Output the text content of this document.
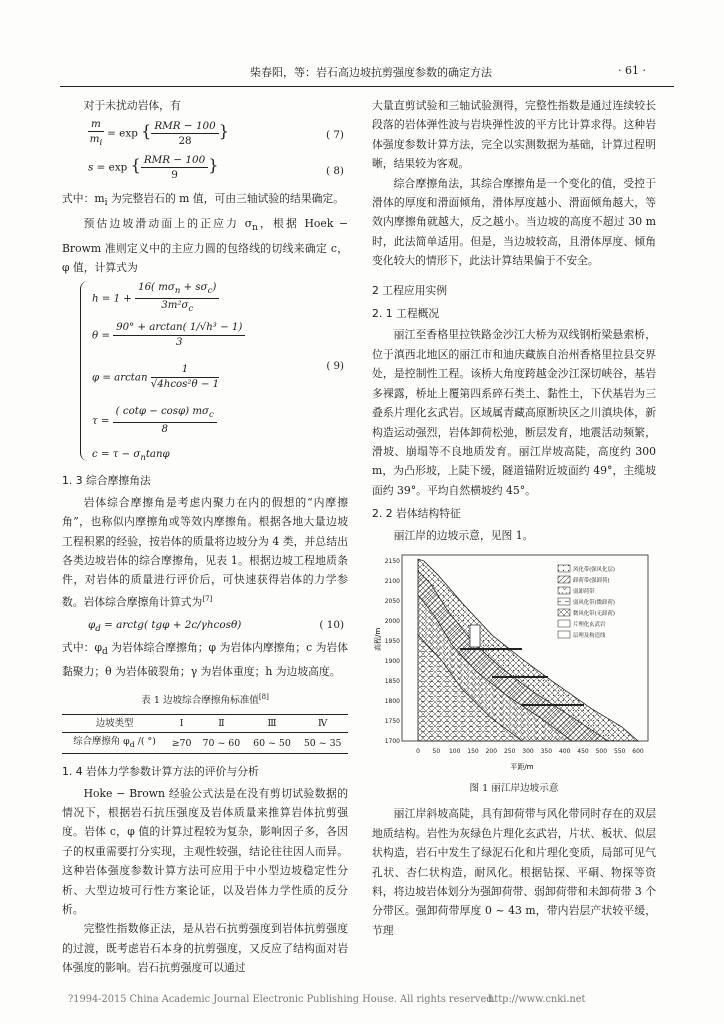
柴春阳，等：岩石高边坡抗剪强度参数的确定方法	· 61 ·

对于未扰动岩体，有

$\frac{m}{m_i} = \exp$ { $\frac{\text{RMR − 100}}{28}$ }	( 7)
s = exp { $\frac{\text{RMR − 100}}{9}$ }	( 8)

式中：$m_i$ 为完整岩石的 m 值，可由三轴试验的结果确定。

预估边坡滑动面上的正应力 $\sigma_n$，根据 Hoek − Browm 准则定义中的主应力圆的包络线的切线来确定 c，φ 值，计算式为

$h = 1 + \frac{16( m\sigma_n + s\sigma_c)}{3m^2\sigma_c}$
$\theta = \frac{\text{90° + arctan( 1/√h³ − 1)}}{3}$
$\varphi = \arctan \frac{1}{\text{√4hcos²θ − 1}}$
$\tau = \frac{( \cot\varphi - \cos\varphi) m\sigma_c}{8}$
$c = \tau - \sigma_n\tan\varphi$
( 9)
1. 3 综合摩擦角法

岩体综合摩擦角是考虑内聚力在内的假想的“内摩擦角”，也称似内摩擦角或等效内摩擦角。根据各地大量边坡工程积累的经验，按岩体的质量将边坡分为 4 类，并总结出各类边坡岩体的综合摩擦角，见表 1。根据边坡工程地质条件，对岩体的质量进行评价后，可快速获得岩体的力学参数。岩体综合摩擦角计算式为[7]

$\varphi_d$ = arctg( tgφ + 2c/γhcosθ)	( 10)

式中：$\varphi_d$ 为岩体综合摩擦角；φ 为岩体内摩擦角；c 为岩体黏聚力；θ 为岩体破裂角；γ 为岩体重度；h 为边坡高度。

表 1 边坡综合摩擦角标准值[8]
边坡类型	Ⅰ	Ⅱ	Ⅲ	Ⅳ
综合摩擦角 $\varphi_d$ /( °)	≥70	70 ~ 60	60 ~ 50	50 ~ 35
1. 4 岩体力学参数计算方法的评价与分析

Hoke − Brown 经验公式法是在没有剪切试验数据的情况下，根据岩石抗压强度及岩体质量来推算岩体抗剪强度。岩体 c，φ 值的计算过程较为复杂，影响因子多，各因子的权重需要打分实现，主观性较强，结论往往因人而异。这种岩体强度参数计算方法可应用于中小型边坡稳定性分析、大型边坡可行性方案论证，以及岩体力学性质的反分析。

完整性指数修正法，是从岩石抗剪强度到岩体抗剪强度的过渡，既考虑岩石本身的抗剪强度，又反应了结构面对岩体强度的影响。岩石抗剪强度可以通过

大量直剪试验和三轴试验测得，完整性指数是通过连续较长段落的岩体弹性波与岩块弹性波的平方比计算求得。这种岩体强度参数计算方法，完全以实测数据为基础，计算过程明晰，结果较为客观。

综合摩擦角法，其综合摩擦角是一个变化的值，受控于滑体的厚度和滑面倾角，滑体厚度越小、滑面倾角越大，等效内摩擦角就越大，反之越小。当边坡的高度不超过 30 m 时，此法简单适用。但是，当边坡较高，且滑体厚度、倾角变化较大的情形下，此法计算结果偏于不安全。

2 工程应用实例
2. 1 工程概况

丽江至香格里拉铁路金沙江大桥为双线钢桁梁悬索桥，位于滇西北地区的丽江市和迪庆藏族自治州香格里拉县交界处，是控制性工程。该桥大角度跨越金沙江深切峡谷，基岩多裸露，桥址上覆第四系碎石类土、黏性土，下伏基岩为三叠系片理化玄武岩。区域属青藏高原断块区之川滇块体，新构造运动强烈，岩体卸荷松弛，断层发育，地震活动频繁，滑坡、崩塌等不良地质发育。丽江岸坡高陡，高度约 300 m，为凸形坡，上陡下缓，隧道锚附近坡面约 49°，主缆坡面约 39°。平均自然横坡约 45°。

2. 2 岩体结构特征

丽江岸的边坡示意，见图 1。

风化带(强风化层)
卸荷带(强卸荷)
弱卸荷带
弱风化带(微卸荷)
微风化带(无卸荷)
片理化玄武岩
层理及构造线
高程/m
2150
2100
2050
2000
1950
1900
1850
1800
1750
1700
0 50 100 150 200 250 300 350 400 450 500 550 600
平距/m
图 1 丽江岸边坡示意

丽江岸斜坡高陡，具有卸荷带与风化带同时存在的双层地质结构。岩性为灰绿色片理化玄武岩，片状、板状、似层状构造，岩石中发生了绿泥石化和片理化变质，局部可见气孔状、杏仁状构造，耐风化。根据钻探、平硐、物探等资料，将边坡岩体划分为强卸荷带、弱卸荷带和未卸荷带 3 个分带区。强卸荷带厚度 0 ~ 43 m，带内岩层产状较平缓，节理

?1994-2015 China Academic Journal Electronic Publishing House. All rights reserved.
http://www.cnki.net
